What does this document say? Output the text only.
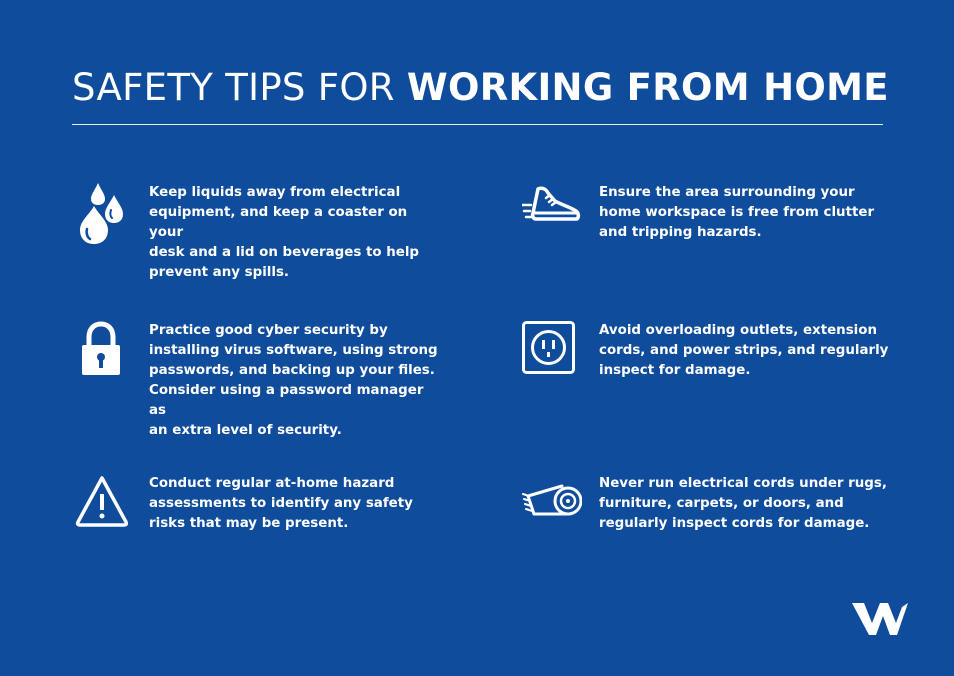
SAFETY TIPS FOR WORKING FROM HOME
Keep liquids away from electrical
equipment, and keep a coaster on your
desk and a lid on beverages to help
prevent any spills.
Practice good cyber security by
installing virus software, using strong
passwords, and backing up your files.
Consider using a password manager as
an extra level of security.
Conduct regular at-home hazard
assessments to identify any safety
risks that may be present.
Ensure the area surrounding your
home workspace is free from clutter
and tripping hazards.
Avoid overloading outlets, extension
cords, and power strips, and regularly
inspect for damage.
Never run electrical cords under rugs,
furniture, carpets, or doors, and
regularly inspect cords for damage.
